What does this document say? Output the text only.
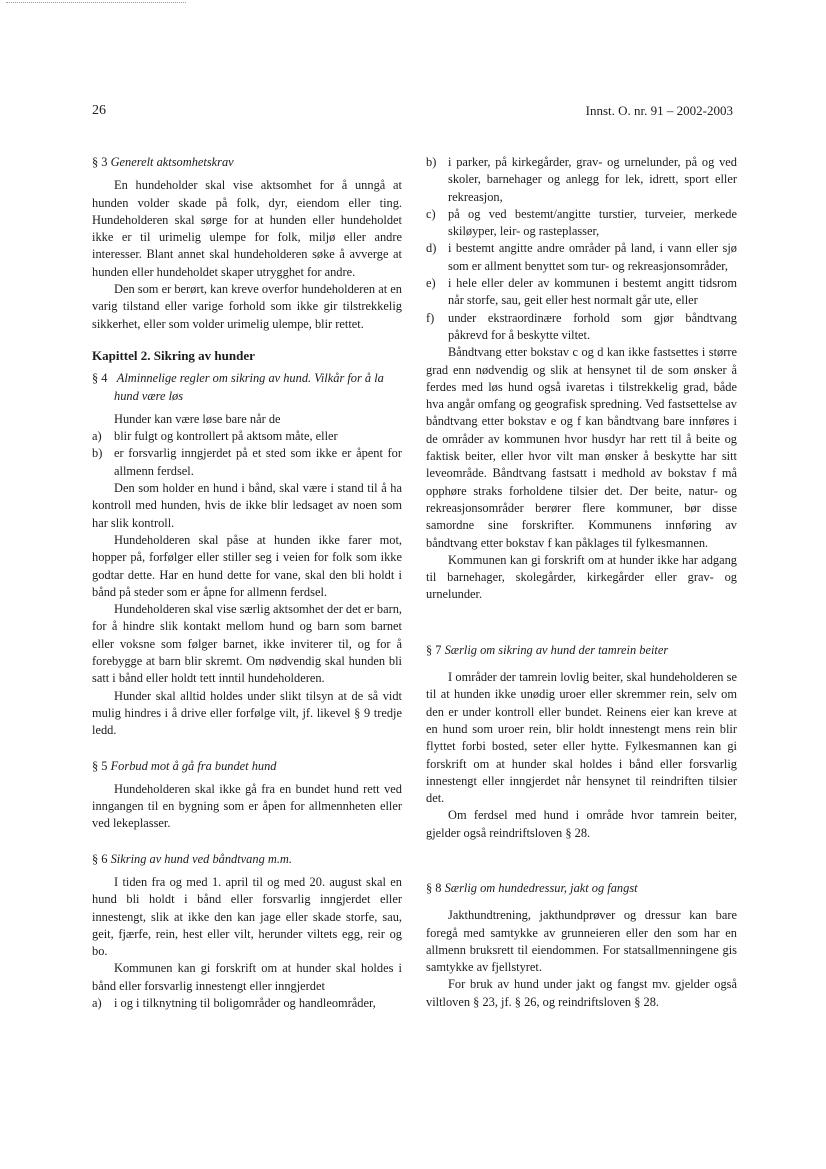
26	Innst. O. nr. 91 – 2002-2003
§ 3 Generelt aktsomhetskrav

En hundeholder skal vise aktsomhet for å unngå at hunden volder skade på folk, dyr, eiendom eller ting. Hundeholderen skal sørge for at hunden eller hundeholdet ikke er til urimelig ulempe for folk, miljø eller andre interesser. Blant annet skal hundeholderen søke å avverge at hunden eller hundeholdet skaper utrygghet for andre.

Den som er berørt, kan kreve overfor hundeholderen at en varig tilstand eller varige forhold som ikke gir tilstrekkelig sikkerhet, eller som volder urimelig ulempe, blir rettet.

Kapittel 2. Sikring av hunder
§ 4 Alminnelige regler om sikring av hund. Vilkår for å la hund være løs
Hunder kan være løse bare når de
a) blir fulgt og kontrollert på aktsom måte, eller
b) er forsvarlig inngjerdet på et sted som ikke er åpent for allmenn ferdsel.

Den som holder en hund i bånd, skal være i stand til å ha kontroll med hunden, hvis de ikke blir ledsaget av noen som har slik kontroll.

Hundeholderen skal påse at hunden ikke farer mot, hopper på, forfølger eller stiller seg i veien for folk som ikke godtar dette. Har en hund dette for vane, skal den bli holdt i bånd på steder som er åpne for allmenn ferdsel.

Hundeholderen skal vise særlig aktsomhet der det er barn, for å hindre slik kontakt mellom hund og barn som barnet eller voksne som følger barnet, ikke inviterer til, og for å forebygge at barn blir skremt. Om nødvendig skal hunden bli satt i bånd eller holdt tett inntil hundeholderen.

Hunder skal alltid holdes under slikt tilsyn at de så vidt mulig hindres i å drive eller forfølge vilt, jf. likevel § 9 tredje ledd.

§ 5 Forbud mot å gå fra bundet hund

Hundeholderen skal ikke gå fra en bundet hund rett ved inngangen til en bygning som er åpen for allmennheten eller ved lekeplasser.

§ 6 Sikring av hund ved båndtvang m.m.

I tiden fra og med 1. april til og med 20. august skal en hund bli holdt i bånd eller forsvarlig inngjerdet eller innestengt, slik at ikke den kan jage eller skade storfe, sau, geit, fjærfe, rein, hest eller vilt, herunder viltets egg, reir og bo.

Kommunen kan gi forskrift om at hunder skal holdes i bånd eller forsvarlig innestengt eller inngjerdet

a) i og i tilknytning til boligområder og handleområder,
b) i parker, på kirkegårder, grav- og urnelunder, på og ved skoler, barnehager og anlegg for lek, idrett, sport eller rekreasjon,
c) på og ved bestemt/angitte turstier, turveier, merkede skiløyper, leir- og rasteplasser,
d) i bestemt angitte andre områder på land, i vann eller sjø som er allment benyttet som tur- og rekreasjonsområder,
e) i hele eller deler av kommunen i bestemt angitt tidsrom når storfe, sau, geit eller hest normalt går ute, eller
f)	under ekstraordinære forhold som gjør båndtvang påkrevd for å beskytte viltet.

Båndtvang etter bokstav c og d kan ikke fastsettes i større grad enn nødvendig og slik at hensynet til de som ønsker å ferdes med løs hund også ivaretas i tilstrekkelig grad, både hva angår omfang og geografisk spredning. Ved fastsettelse av båndtvang etter bokstav e og f kan båndtvang bare innføres i de områder av kommunen hvor husdyr har rett til å beite og faktisk beiter, eller hvor vilt man ønsker å beskytte har sitt leveområde. Båndtvang fastsatt i medhold av bokstav f må opphøre straks forholdene tilsier det. Der beite, natur- og rekreasjonsområder berører flere kommuner, bør disse samordne sine forskrifter. Kommunens innføring av båndtvang etter bokstav f kan påklages til fylkesmannen.

Kommunen kan gi forskrift om at hunder ikke har adgang til barnehager, skolegårder, kirkegårder eller grav- og urnelunder.

§ 7 Særlig om sikring av hund der tamrein beiter

I områder der tamrein lovlig beiter, skal hundeholderen se til at hunden ikke unødig uroer eller skremmer rein, selv om den er under kontroll eller bundet. Reinens eier kan kreve at en hund som uroer rein, blir holdt innestengt mens rein blir flyttet forbi bosted, seter eller hytte. Fylkesmannen kan gi forskrift om at hunder skal holdes i bånd eller forsvarlig innestengt eller inngjerdet når hensynet til reindriften tilsier det.

Om ferdsel med hund i område hvor tamrein beiter, gjelder også reindriftsloven § 28.

§ 8 Særlig om hundedressur, jakt og fangst

Jakthundtrening, jakthundprøver og dressur kan bare foregå med samtykke av grunneieren eller den som har en allmenn bruksrett til eiendommen. For statsallmenningene gis samtykke av fjellstyret.

For bruk av hund under jakt og fangst mv. gjelder også viltloven § 23, jf. § 26, og reindriftsloven § 28.
